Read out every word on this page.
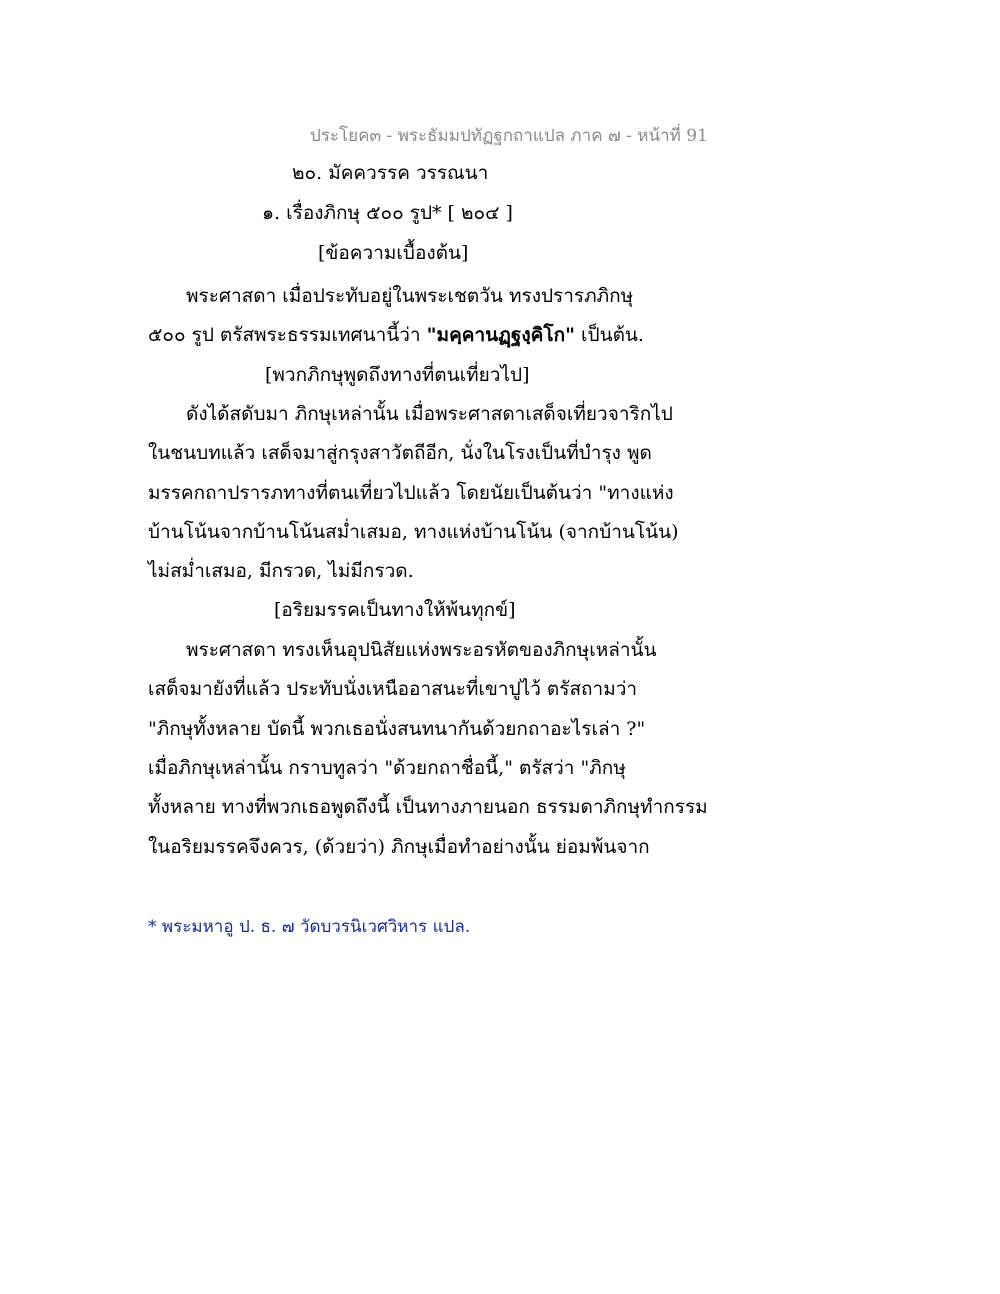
ประโยค๓ - พระธัมมปทัฏฐกถาแปล ภาค ๗ - หน้าที่ 91
๒๐. มัคควรรค วรรณนา
๑. เรื่องภิกษุ ๕๐๐ รูป* [ ๒๐๔ ]
[ข้อความเบื้องต้น]
พระศาสดา เมื่อประทับอยู่ในพระเชตวัน ทรงปรารภภิกษุ
๕๐๐ รูป ตรัสพระธรรมเทศนานี้ว่า "มคฺคานฏฺฐงฺคิโก" เป็นต้น.
[พวกภิกษุพูดถึงทางที่ตนเที่ยวไป]
ดังได้สดับมา ภิกษุเหล่านั้น เมื่อพระศาสดาเสด็จเที่ยวจาริกไป
ในชนบทแล้ว เสด็จมาสู่กรุงสาวัตถีอีก, นั่งในโรงเป็นที่บำรุง พูด
มรรคกถาปรารภทางที่ตนเที่ยวไปแล้ว โดยนัยเป็นต้นว่า "ทางแห่ง
บ้านโน้นจากบ้านโน้นสม่ำเสมอ, ทางแห่งบ้านโน้น (จากบ้านโน้น)
ไม่สม่ำเสมอ, มีกรวด, ไม่มีกรวด.
[อริยมรรคเป็นทางให้พ้นทุกข์]
พระศาสดา ทรงเห็นอุปนิสัยแห่งพระอรหัตของภิกษุเหล่านั้น
เสด็จมายังที่แล้ว ประทับนั่งเหนืออาสนะที่เขาปูไว้ ตรัสถามว่า
"ภิกษุทั้งหลาย บัดนี้ พวกเธอนั่งสนทนากันด้วยกถาอะไรเล่า ?"
เมื่อภิกษุเหล่านั้น กราบทูลว่า "ด้วยกถาชื่อนี้," ตรัสว่า "ภิกษุ
ทั้งหลาย ทางที่พวกเธอพูดถึงนี้ เป็นทางภายนอก ธรรมดาภิกษุทำกรรม
ในอริยมรรคจึงควร, (ด้วยว่า) ภิกษุเมื่อทำอย่างนั้น ย่อมพ้นจาก
* พระมหาอู ป. ธ. ๗ วัดบวรนิเวศวิหาร แปล.
